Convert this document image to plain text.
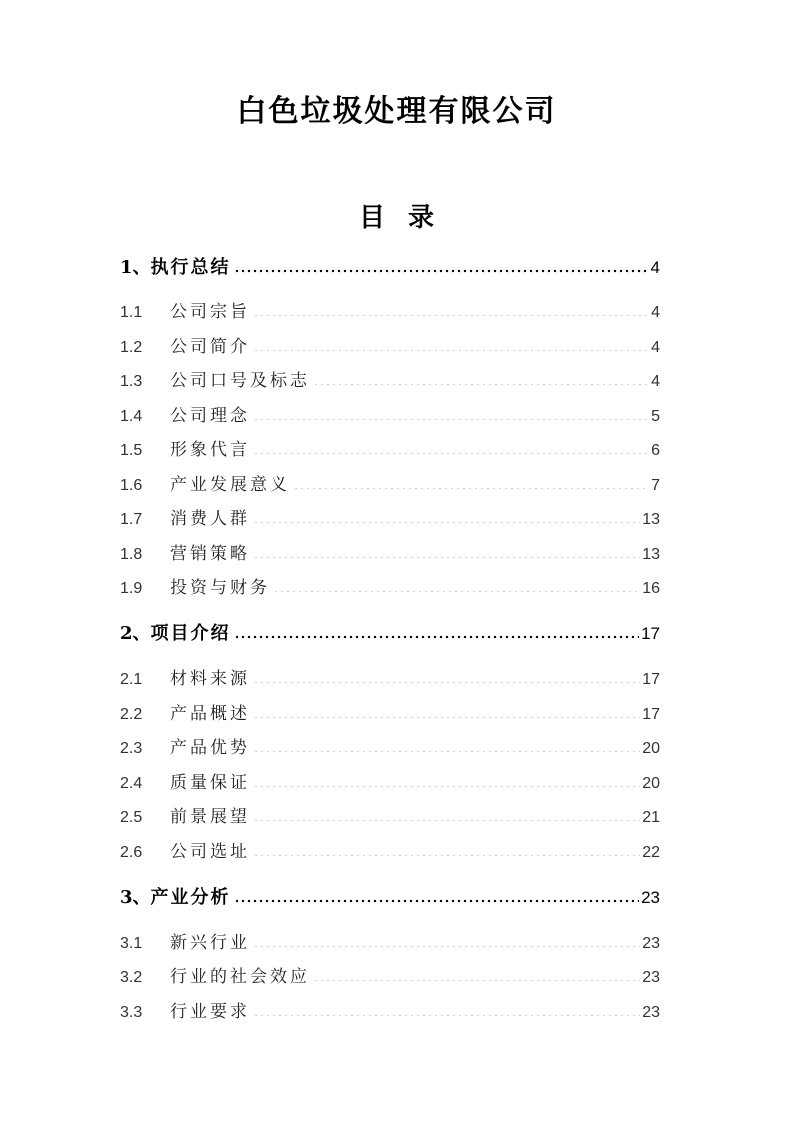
白色垃圾处理有限公司
目 录
1、 执行总结	4
1.1	公司宗旨	4
1.2	公司简介	4
1.3	公司口号及标志	4
1.4	公司理念	5
1.5	形象代言	6
1.6	产业发展意义	7
1.7	消费人群	13
1.8	营销策略	13
1.9	投资与财务	16
2、 项目介绍	17
2.1	材料来源	17
2.2	产品概述	17
2.3	产品优势	20
2.4	质量保证	20
2.5	前景展望	21
2.6	公司选址	22
3、 产业分析	23
3.1	新兴行业	23
3.2	行业的社会效应	23
3.3	行业要求	23
